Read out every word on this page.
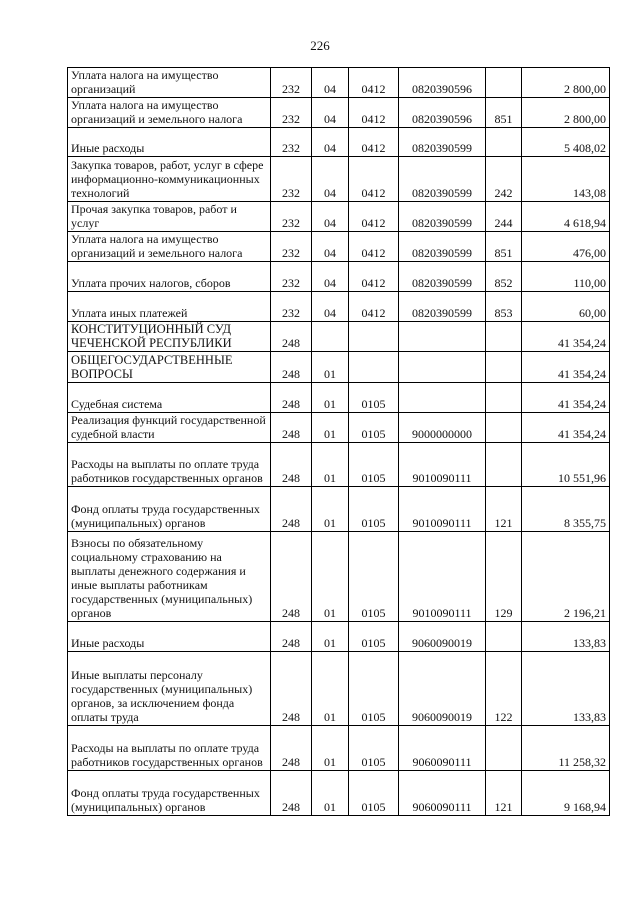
226
Уплата налога на имущество организаций	232	04	0412	0820390596		2 800,00
Уплата налога на имущество организаций и земельного налога	232	04	0412	0820390596	851	2 800,00
Иные расходы	232	04	0412	0820390599		5 408,02
Закупка товаров, работ, услуг в сфере информационно-коммуникационных технологий	232	04	0412	0820390599	242	143,08
Прочая закупка товаров, работ и услуг	232	04	0412	0820390599	244	4 618,94
Уплата налога на имущество организаций и земельного налога	232	04	0412	0820390599	851	476,00
Уплата прочих налогов, сборов	232	04	0412	0820390599	852	110,00
Уплата иных платежей	232	04	0412	0820390599	853	60,00
КОНСТИТУЦИОННЫЙ СУД ЧЕЧЕНСКОЙ РЕСПУБЛИКИ	248					41 354,24
ОБЩЕГОСУДАРСТВЕННЫЕ ВОПРОСЫ	248	01				41 354,24
Судебная система	248	01	0105			41 354,24
Реализация функций государственной судебной власти	248	01	0105	9000000000		41 354,24
Расходы на выплаты по оплате труда работников государственных органов	248	01	0105	9010090111		10 551,96
Фонд оплаты труда государственных (муниципальных) органов	248	01	0105	9010090111	121	8 355,75
Взносы по обязательному социальному страхованию на выплаты денежного содержания и иные выплаты работникам государственных (муниципальных) органов	248	01	0105	9010090111	129	2 196,21
Иные расходы	248	01	0105	9060090019		133,83
Иные выплаты персоналу государственных (муниципальных) органов, за исключением фонда оплаты труда	248	01	0105	9060090019	122	133,83
Расходы на выплаты по оплате труда работников государственных органов	248	01	0105	9060090111		11 258,32
Фонд оплаты труда государственных (муниципальных) органов	248	01	0105	9060090111	121	9 168,94
